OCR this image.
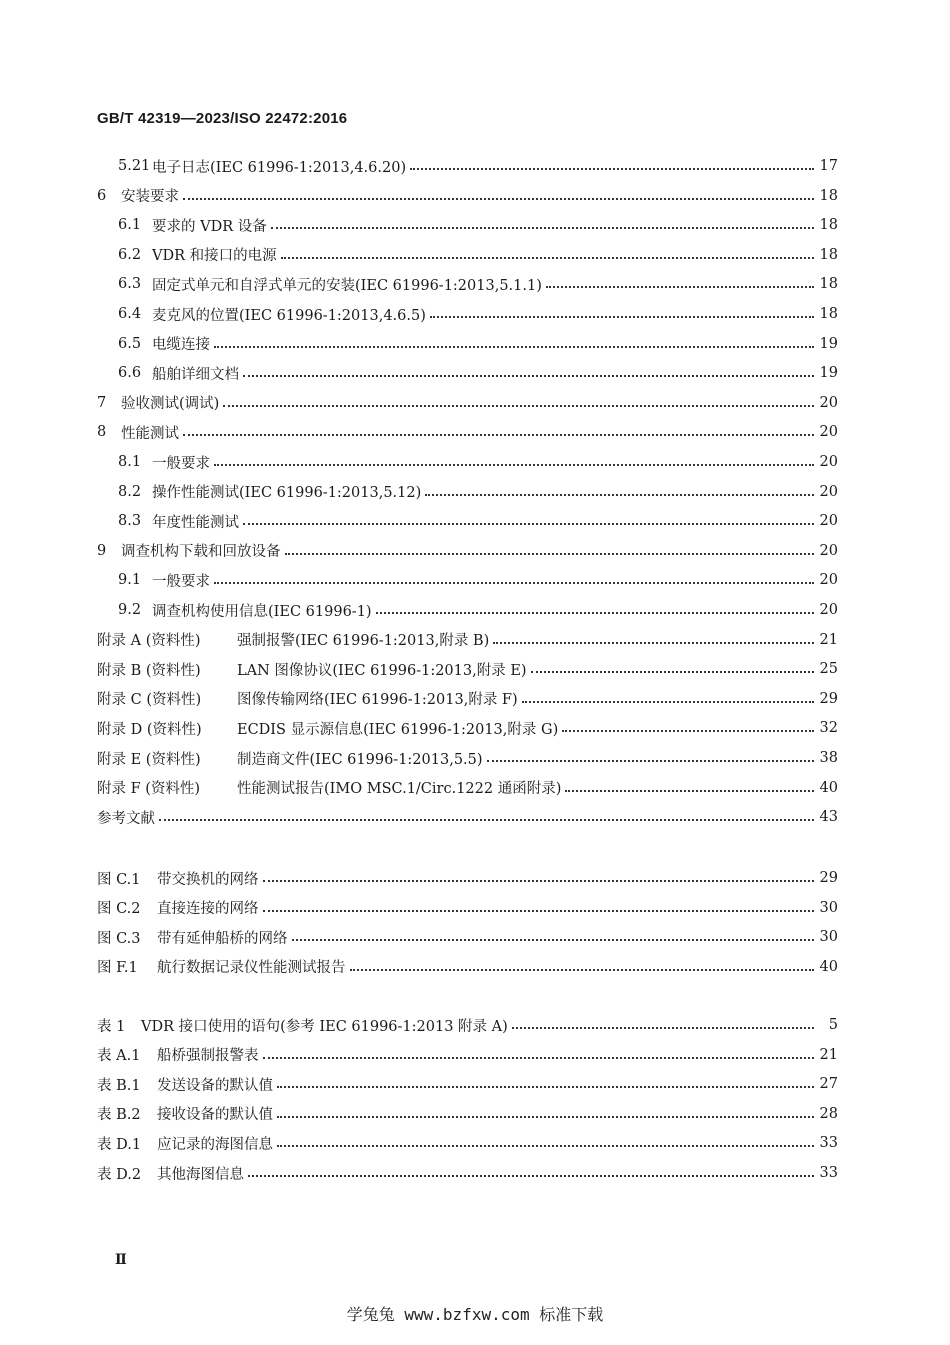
GB/T 42319—2023/ISO 22472:2016
5.21 电子日志(IEC 61996-1:2013,4.6.20)	17
6	安装要求	18
6.1 要求的 VDR 设备	18
6.2 VDR 和接口的电源	18
6.3 固定式单元和自浮式单元的安装(IEC 61996-1:2013,5.1.1)	18
6.4 麦克风的位置(IEC 61996-1:2013,4.6.5)	18
6.5 电缆连接	19
6.6 船舶详细文档	19
7	验收测试(调试)	20
8	性能测试	20
8.1 一般要求	20
8.2 操作性能测试(IEC 61996-1:2013,5.12)	20
8.3 年度性能测试	20
9	调查机构下载和回放设备	20
9.1 一般要求	20
9.2 调查机构使用信息(IEC 61996-1)	20
附录 A (资料性)	强制报警(IEC 61996-1:2013,附录 B)	21
附录 B (资料性)	LAN 图像协议(IEC 61996-1:2013,附录 E)	25
附录 C (资料性)	图像传输网络(IEC 61996-1:2013,附录 F)	29
附录 D (资料性)	ECDIS 显示源信息(IEC 61996-1:2013,附录 G)	32
附录 E (资料性)	制造商文件(IEC 61996-1:2013,5.5)	38
附录 F (资料性)	性能测试报告(IMO MSC.1/Circ.1222 通函附录)	40
参考文献	43
图 C.1	带交换机的网络	29
图 C.2	直接连接的网络	30
图 C.3	带有延伸船桥的网络	30
图 F.1	航行数据记录仪性能测试报告	40
表 1	VDR 接口使用的语句(参考 IEC 61996-1:2013 附录 A)	5
表 A.1	船桥强制报警表	21
表 B.1	发送设备的默认值	27
表 B.2	接收设备的默认值	28
表 D.1	应记录的海图信息	33
表 D.2	其他海图信息	33
Ⅱ
学兔兔 www.bzfxw.com 标准下载
